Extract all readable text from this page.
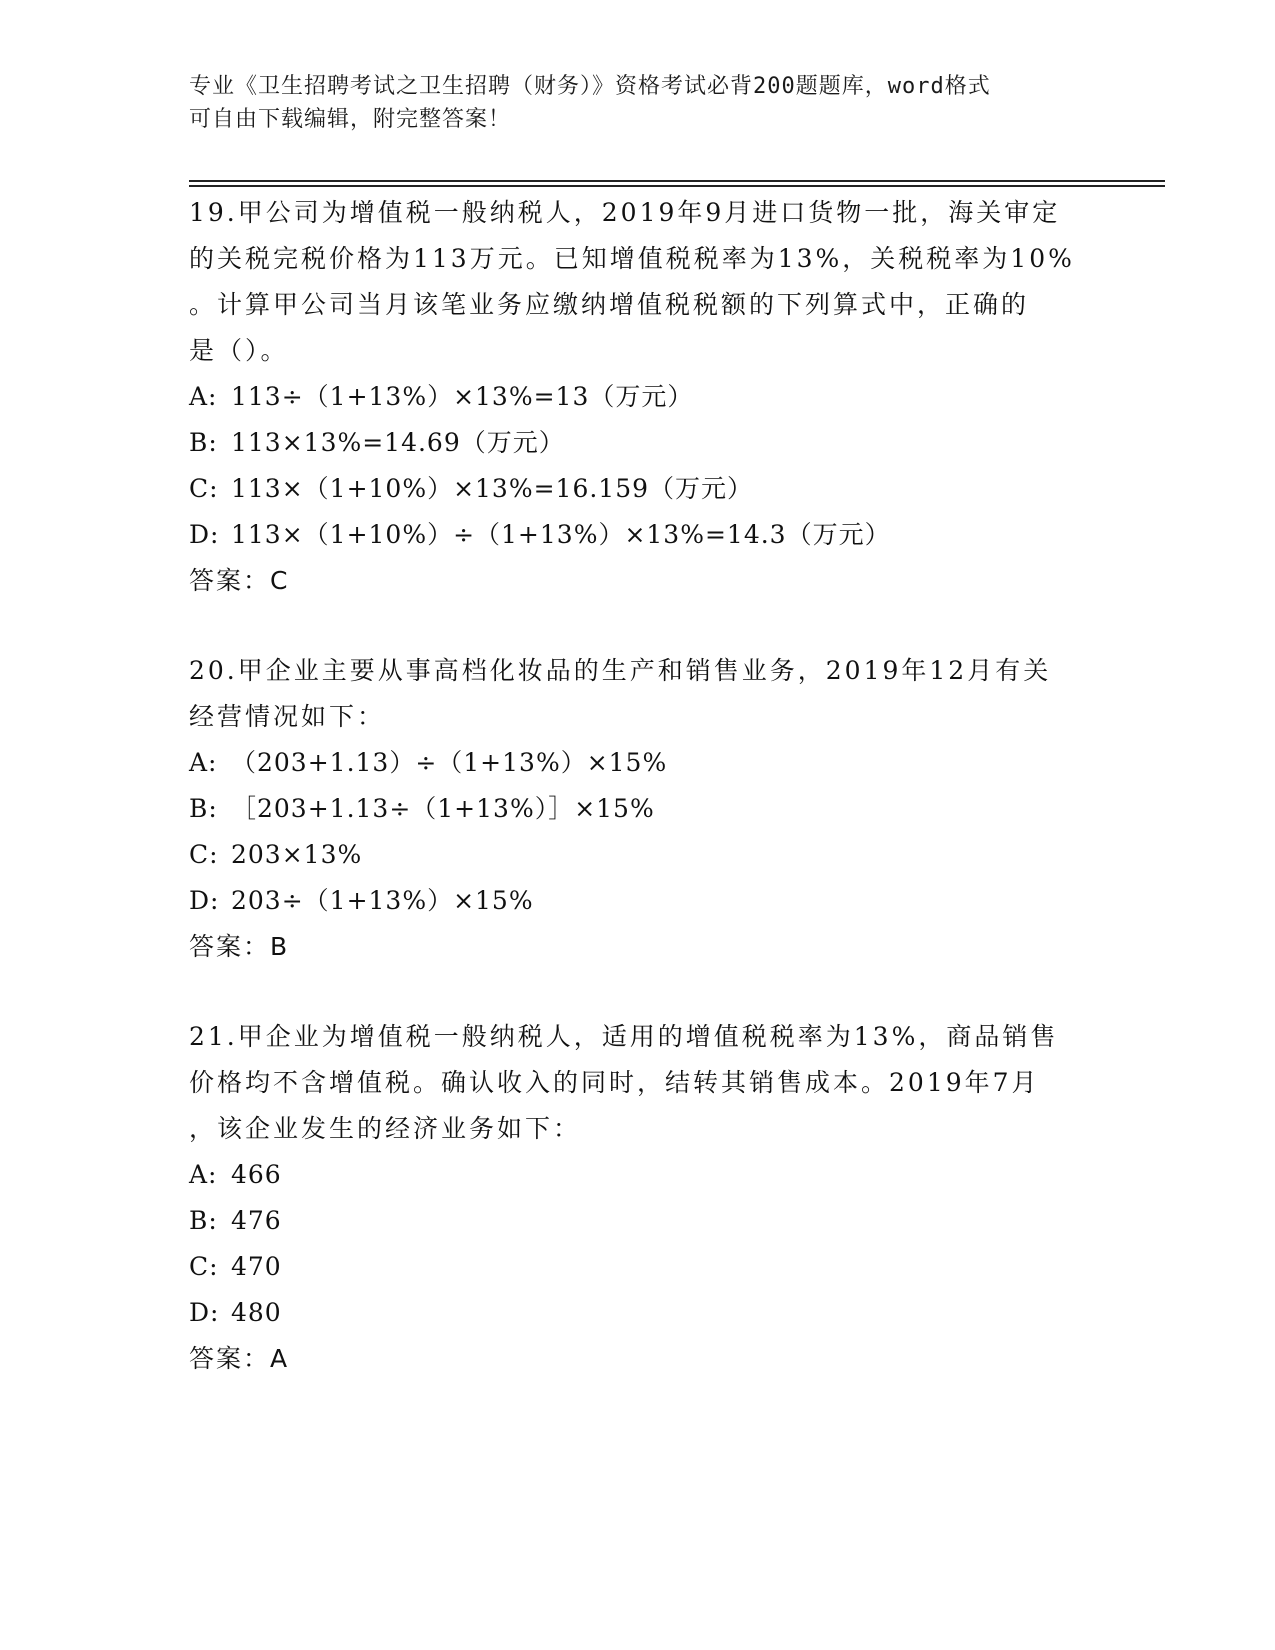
专业《卫生招聘考试之卫生招聘（财务）》资格考试必背200题题库，word格式
可自由下载编辑，附完整答案！
19.甲公司为增值税一般纳税人，2019年9月进口货物一批，海关审定
的关税完税价格为113万元。已知增值税税率为13%，关税税率为10%
。计算甲公司当月该笔业务应缴纳增值税税额的下列算式中，正确的
是（）。
A: 113÷（1+13%）×13%=13（万元）
B: 113×13%=14.69（万元）
C: 113×（1+10%）×13%=16.159（万元）
D: 113×（1+10%）÷（1+13%）×13%=14.3（万元）
答案：C
20.甲企业主要从事高档化妆品的生产和销售业务，2019年12月有关
经营情况如下：
A: （203+1.13）÷（1+13%）×15%
B: ［203+1.13÷（1+13%）］×15%
C: 203×13%
D: 203÷（1+13%）×15%
答案：B
21.甲企业为增值税一般纳税人，适用的增值税税率为13%，商品销售
价格均不含增值税。确认收入的同时，结转其销售成本。2019年7月
，该企业发生的经济业务如下：
A: 466
B: 476
C: 470
D: 480
答案：A
